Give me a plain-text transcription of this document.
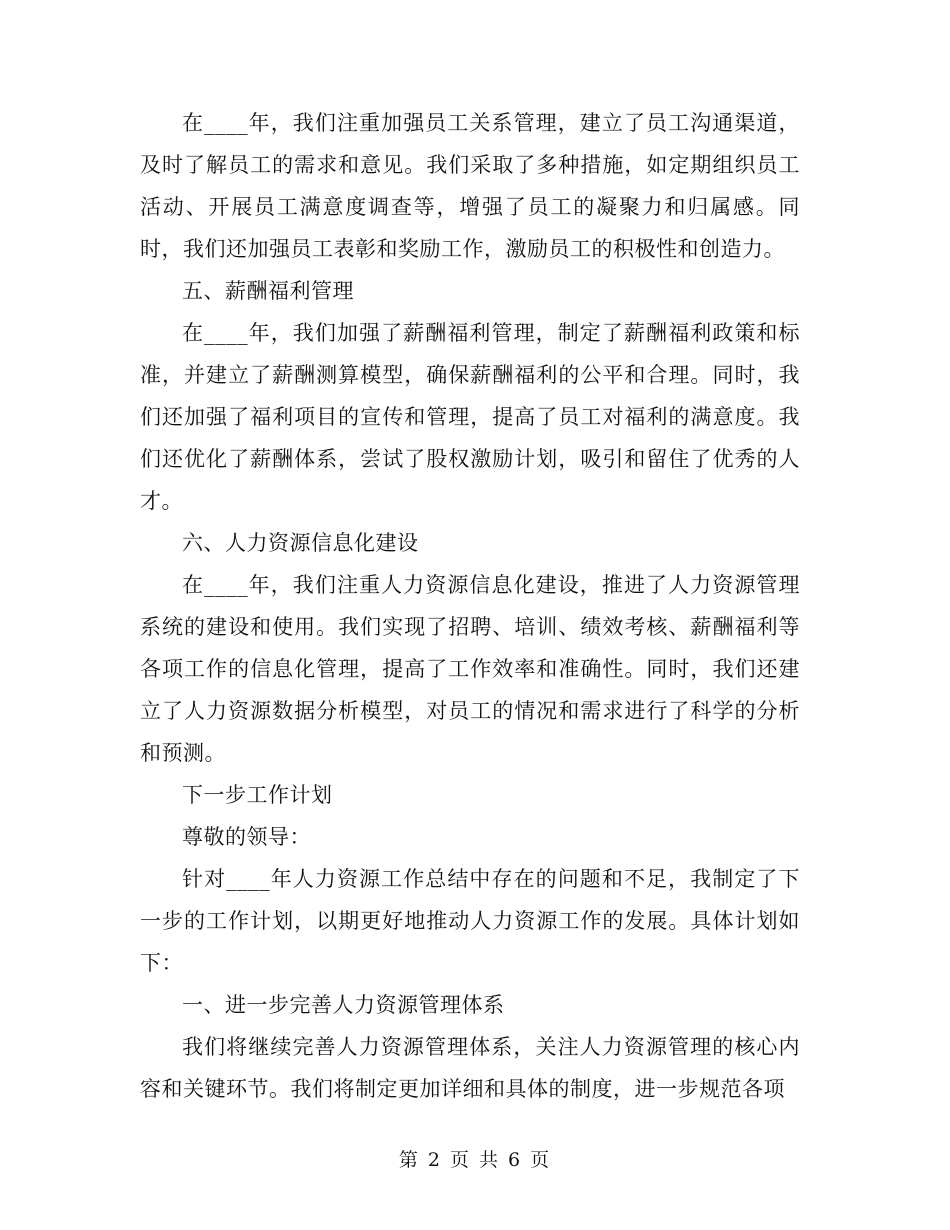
在____年，我们注重加强员工关系管理，建立了员工沟通渠道，及时了解员工的需求和意见。我们采取了多种措施，如定期组织员工活动、开展员工满意度调查等，增强了员工的凝聚力和归属感。同时，我们还加强员工表彰和奖励工作，激励员工的积极性和创造力。

五、薪酬福利管理

在____年，我们加强了薪酬福利管理，制定了薪酬福利政策和标准，并建立了薪酬测算模型，确保薪酬福利的公平和合理。同时，我们还加强了福利项目的宣传和管理，提高了员工对福利的满意度。我们还优化了薪酬体系，尝试了股权激励计划，吸引和留住了优秀的人才。

六、人力资源信息化建设

在____年，我们注重人力资源信息化建设，推进了人力资源管理系统的建设和使用。我们实现了招聘、培训、绩效考核、薪酬福利等各项工作的信息化管理，提高了工作效率和准确性。同时，我们还建立了人力资源数据分析模型，对员工的情况和需求进行了科学的分析和预测。

下一步工作计划

尊敬的领导：

针对____年人力资源工作总结中存在的问题和不足，我制定了下一步的工作计划，以期更好地推动人力资源工作的发展。具体计划如下：

一、进一步完善人力资源管理体系

我们将继续完善人力资源管理体系，关注人力资源管理的核心内容和关键环节。我们将制定更加详细和具体的制度，进一步规范各项

第 2 页 共 6 页
